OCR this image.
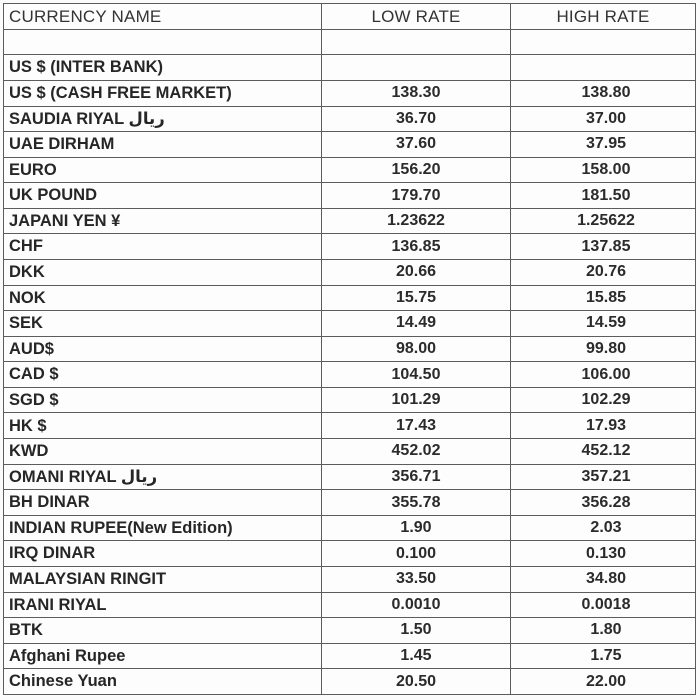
CURRENCY NAME	LOW RATE	HIGH RATE

US $ (INTER BANK)		
US $ (CASH FREE MARKET)	138.30	138.80
SAUDIA RIYAL ریال	36.70	37.00
UAE DIRHAM	37.60	37.95
EURO	156.20	158.00
UK POUND	179.70	181.50
JAPANI YEN ¥	1.23622	1.25622
CHF	136.85	137.85
DKK	20.66	20.76
NOK	15.75	15.85
SEK	14.49	14.59
AUD$	98.00	99.80
CAD $	104.50	106.00
SGD $	101.29	102.29
HK $	17.43	17.93
KWD	452.02	452.12
OMANI RIYAL ریال	356.71	357.21
BH DINAR	355.78	356.28
INDIAN RUPEE(New Edition)	1.90	2.03
IRQ DINAR	0.100	0.130
MALAYSIAN RINGIT	33.50	34.80
IRANI RIYAL	0.0010	0.0018
BTK	1.50	1.80
Afghani Rupee	1.45	1.75
Chinese Yuan	20.50	22.00
